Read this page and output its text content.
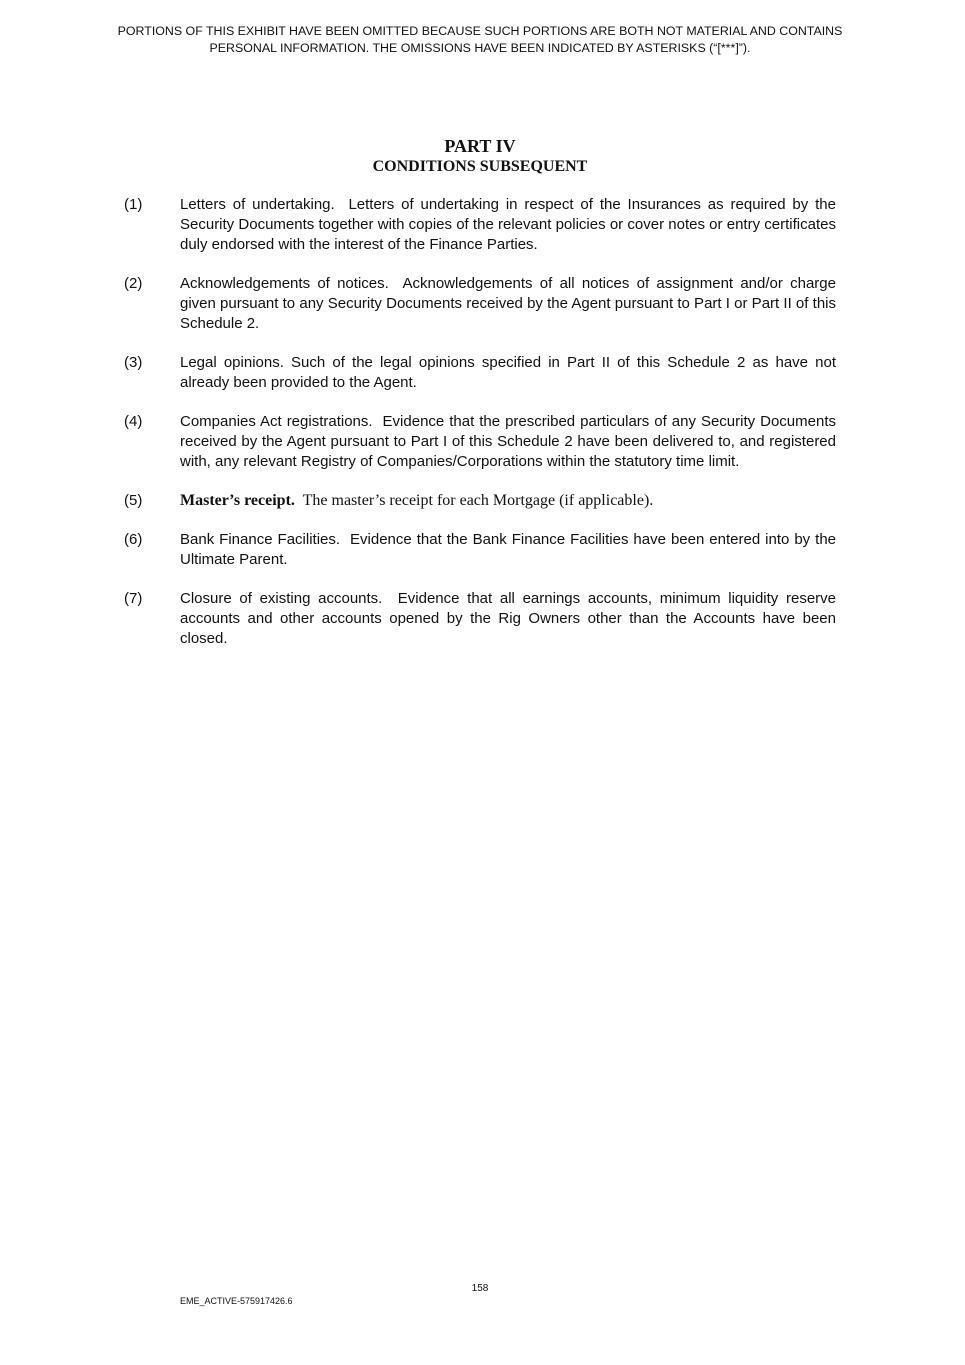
PORTIONS OF THIS EXHIBIT HAVE BEEN OMITTED BECAUSE SUCH PORTIONS ARE BOTH NOT MATERIAL AND CONTAINS PERSONAL INFORMATION. THE OMISSIONS HAVE BEEN INDICATED BY ASTERISKS (“[***]”).
PART IV
CONDITIONS SUBSEQUENT
(1)	Letters of undertaking. Letters of undertaking in respect of the Insurances as required by the Security Documents together with copies of the relevant policies or cover notes or entry certificates duly endorsed with the interest of the Finance Parties.
(2)	Acknowledgements of notices. Acknowledgements of all notices of assignment and/or charge given pursuant to any Security Documents received by the Agent pursuant to Part I or Part II of this Schedule 2.
(3)	Legal opinions. Such of the legal opinions specified in Part II of this Schedule 2 as have not already been provided to the Agent.
(4)	Companies Act registrations. Evidence that the prescribed particulars of any Security Documents received by the Agent pursuant to Part I of this Schedule 2 have been delivered to, and registered with, any relevant Registry of Companies/Corporations within the statutory time limit.
(5)	Master’s receipt. The master’s receipt for each Mortgage (if applicable).
(6)	Bank Finance Facilities. Evidence that the Bank Finance Facilities have been entered into by the Ultimate Parent.
(7)	Closure of existing accounts. Evidence that all earnings accounts, minimum liquidity reserve accounts and other accounts opened by the Rig Owners other than the Accounts have been closed.
158
EME_ACTIVE-575917426.6
